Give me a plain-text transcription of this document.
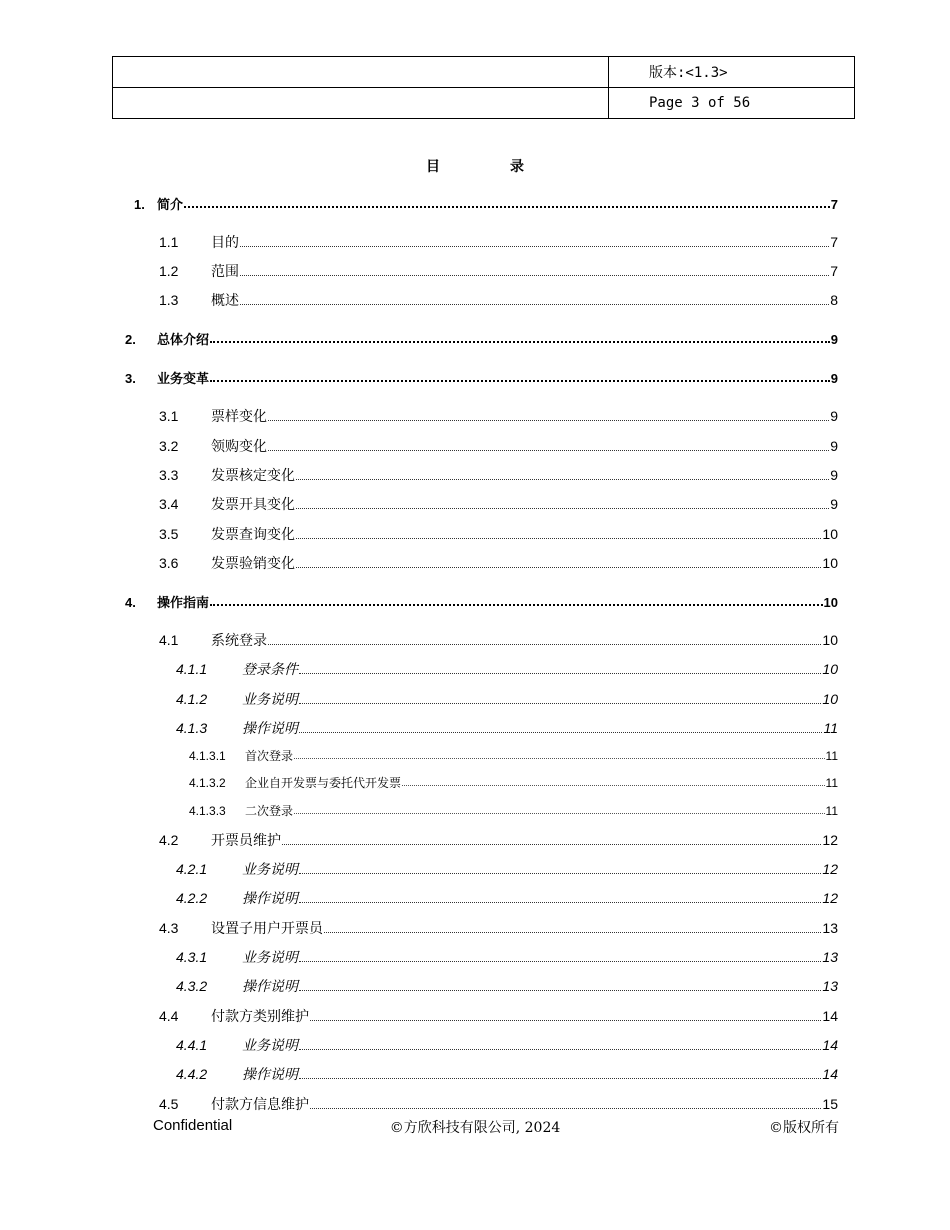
	版本:<1.3>
	Page 3 of 56
目	录
1. 简介	7
1.1	目的	7
1.2	范围	7
1.3	概述	8
2.	总体介绍	9
3.	业务变革	9
3.1	票样变化	9
3.2	领购变化	9
3.3	发票核定变化	9
3.4	发票开具变化	9
3.5	发票查询变化	10
3.6	发票验销变化	10
4.	操作指南	10
4.1	系统登录	10
4.1.1	登录条件	10
4.1.2	业务说明	10
4.1.3	操作说明	11
4.1.3.1	首次登录	11
4.1.3.2	企业自开发票与委托代开发票	11
4.1.3.3	二次登录	11
4.2	开票员维护	12
4.2.1	业务说明	12
4.2.2	操作说明	12
4.3	设置子用户开票员	13
4.3.1	业务说明	13
4.3.2	操作说明	13
4.4	付款方类别维护	14
4.4.1	业务说明	14
4.4.2	操作说明	14
4.5	付款方信息维护	15
Confidential	©方欣科技有限公司, 2024	©版权所有
